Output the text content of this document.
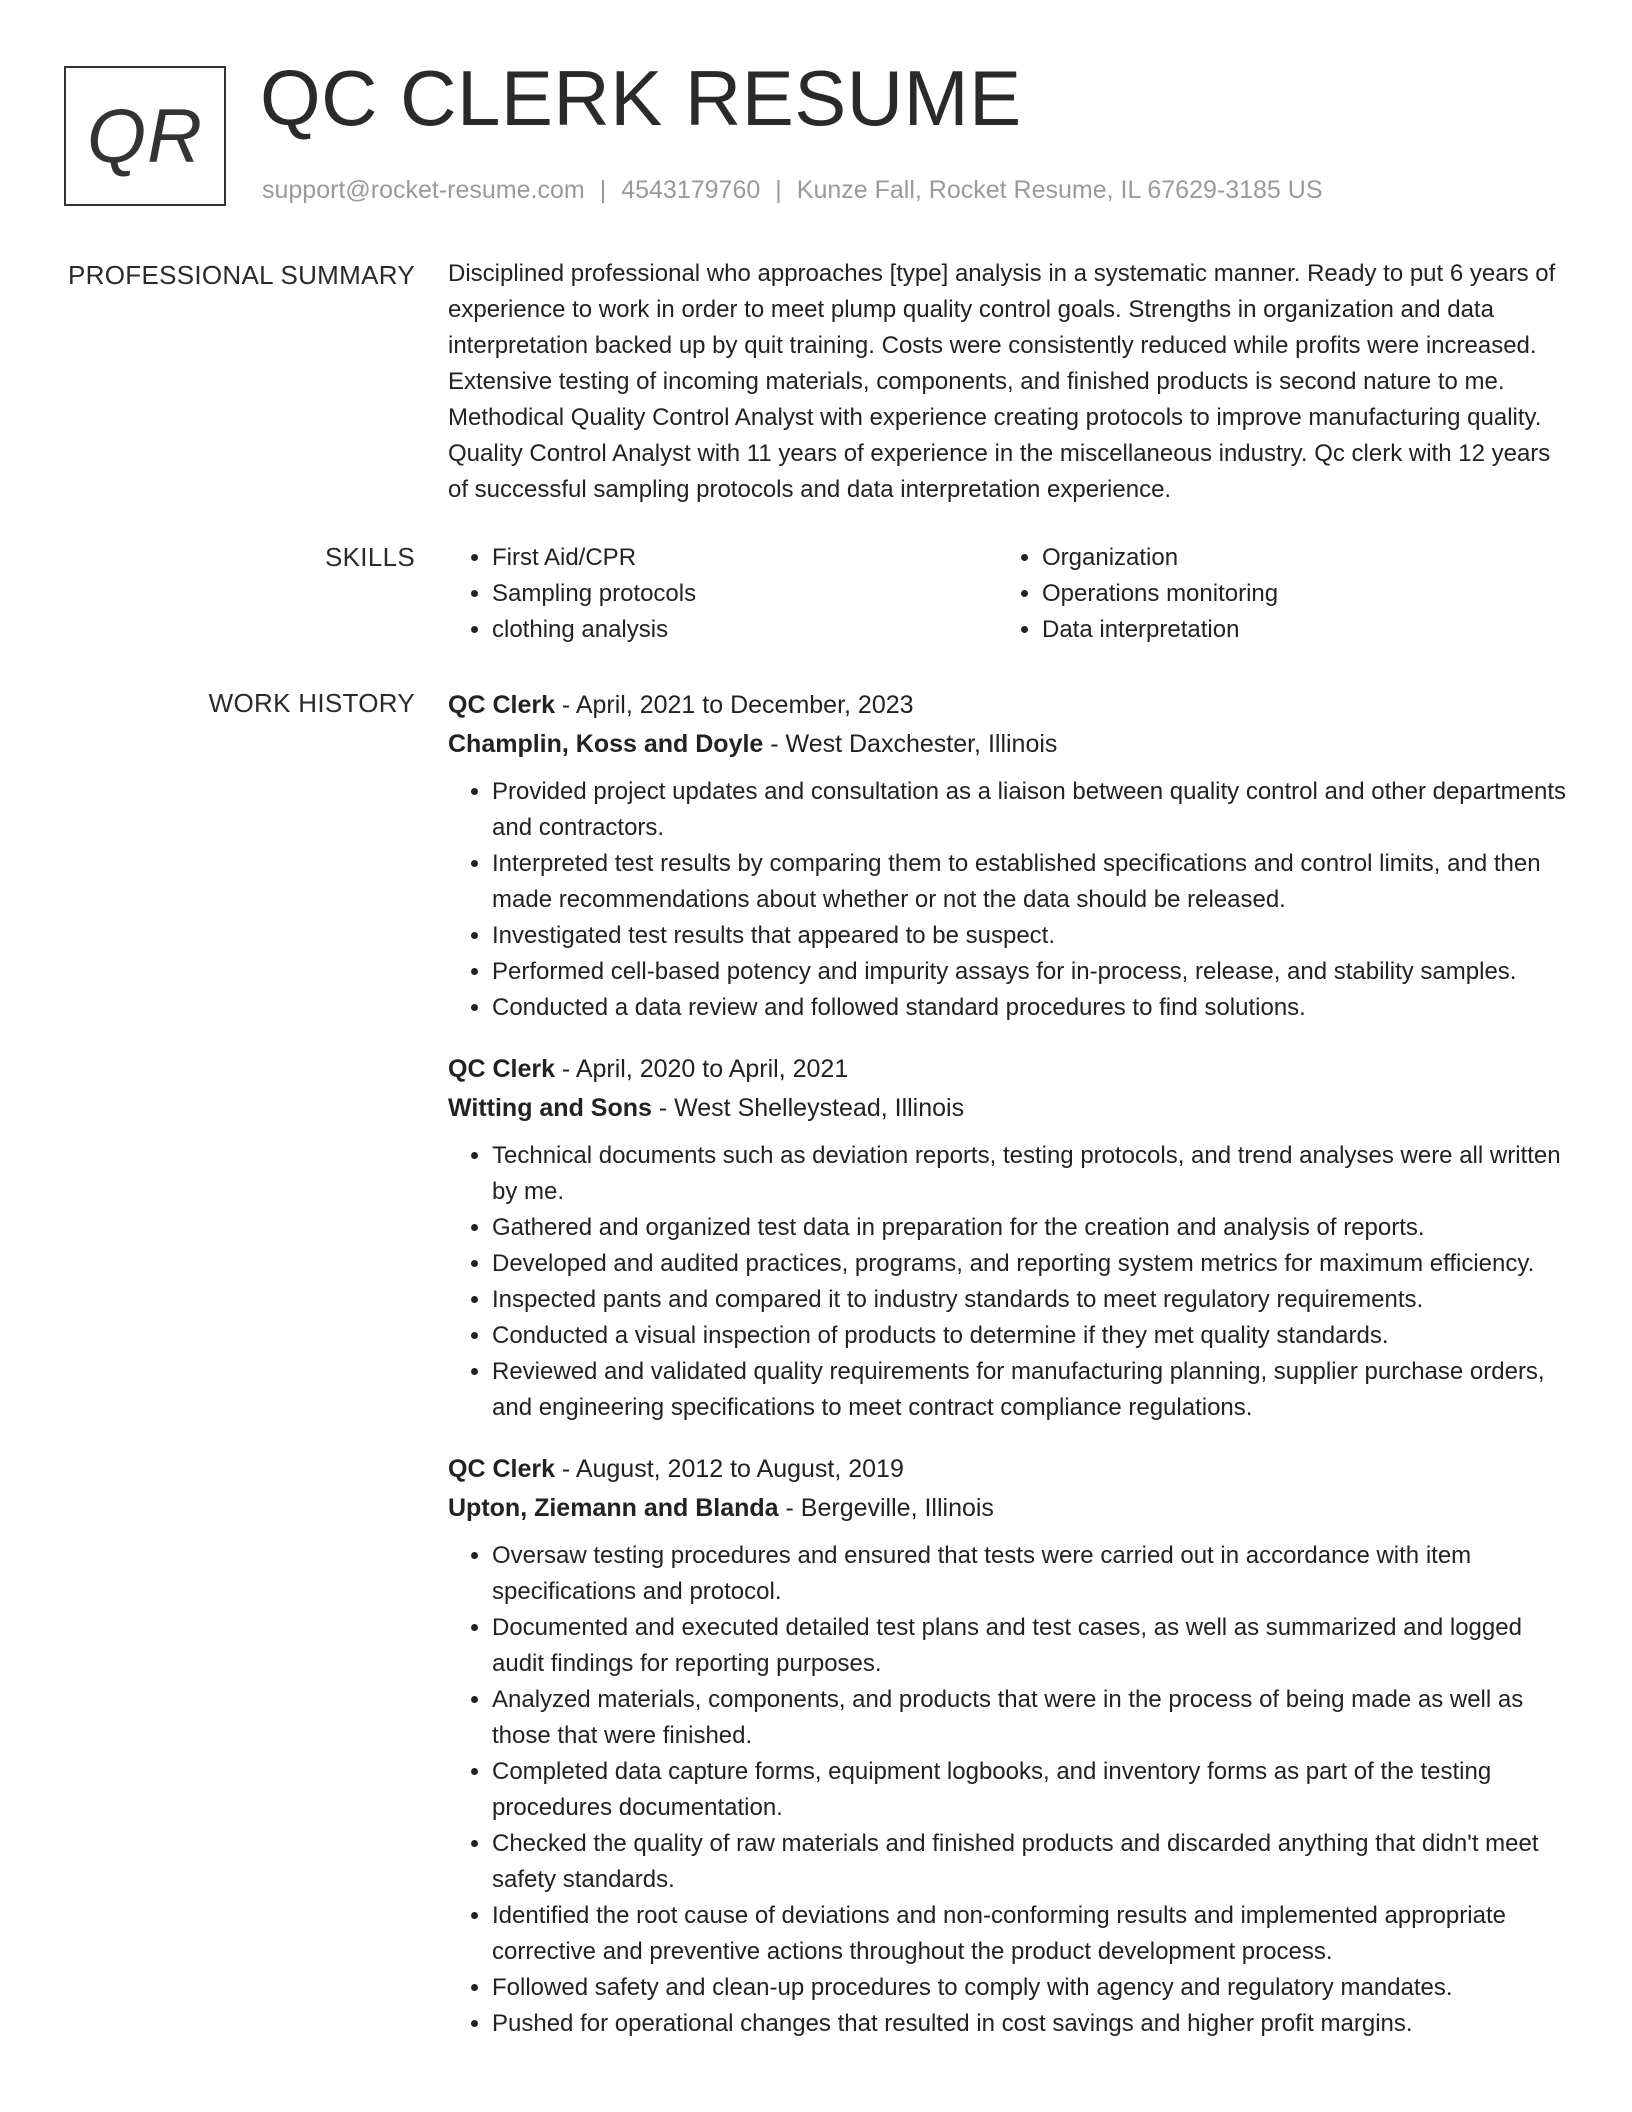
QR QC CLERK RESUME
support@rocket-resume.com | 4543179760 | Kunze Fall, Rocket Resume, IL 67629-3185 US
PROFESSIONAL SUMMARY Disciplined professional who approaches [type] analysis in a systematic manner. Ready to put 6 years of experience to work in order to meet plump quality control goals. Strengths in organization and data interpretation backed up by quit training. Costs were consistently reduced while profits were increased. Extensive testing of incoming materials, components, and finished products is second nature to me. Methodical Quality Control Analyst with experience creating protocols to improve manufacturing quality. Quality Control Analyst with 11 years of experience in the miscellaneous industry. Qc clerk with 12 years of successful sampling protocols and data interpretation experience.

SKILLS
•	First Aid/CPR
• Sampling protocols
• clothing analysis
• Organization
• Operations monitoring
• Data interpretation
WORK HISTORY QC Clerk - April, 2021 to December, 2023
Champlin, Koss and Doyle - West Daxchester, Illinois
• Provided project updates and consultation as a liaison between quality control and other departments and contractors.
• Interpreted test results by comparing them to established specifications and control limits, and then made recommendations about whether or not the data should be released.
• Investigated test results that appeared to be suspect.
• Performed cell-based potency and impurity assays for in-process, release, and stability samples.
• Conducted a data review and followed standard procedures to find solutions.
QC Clerk - April, 2020 to April, 2021
Witting and Sons - West Shelleystead, Illinois
• Technical documents such as deviation reports, testing protocols, and trend analyses were all written by me.
• Gathered and organized test data in preparation for the creation and analysis of reports.
• Developed and audited practices, programs, and reporting system metrics for maximum efficiency.
• Inspected pants and compared it to industry standards to meet regulatory requirements.
• Conducted a visual inspection of products to determine if they met quality standards.
• Reviewed and validated quality requirements for manufacturing planning, supplier purchase orders, and engineering specifications to meet contract compliance regulations.
QC Clerk - August, 2012 to August, 2019
Upton, Ziemann and Blanda - Bergeville, Illinois
• Oversaw testing procedures and ensured that tests were carried out in accordance with item specifications and protocol.
• Documented and executed detailed test plans and test cases, as well as summarized and logged audit findings for reporting purposes.
• Analyzed materials, components, and products that were in the process of being made as well as those that were finished.
• Completed data capture forms, equipment logbooks, and inventory forms as part of the testing procedures documentation.
• Checked the quality of raw materials and finished products and discarded anything that didn't meet safety standards.
• Identified the root cause of deviations and non-conforming results and implemented appropriate corrective and preventive actions throughout the product development process.
• Followed safety and clean-up procedures to comply with agency and regulatory mandates.
• Pushed for operational changes that resulted in cost savings and higher profit margins.
